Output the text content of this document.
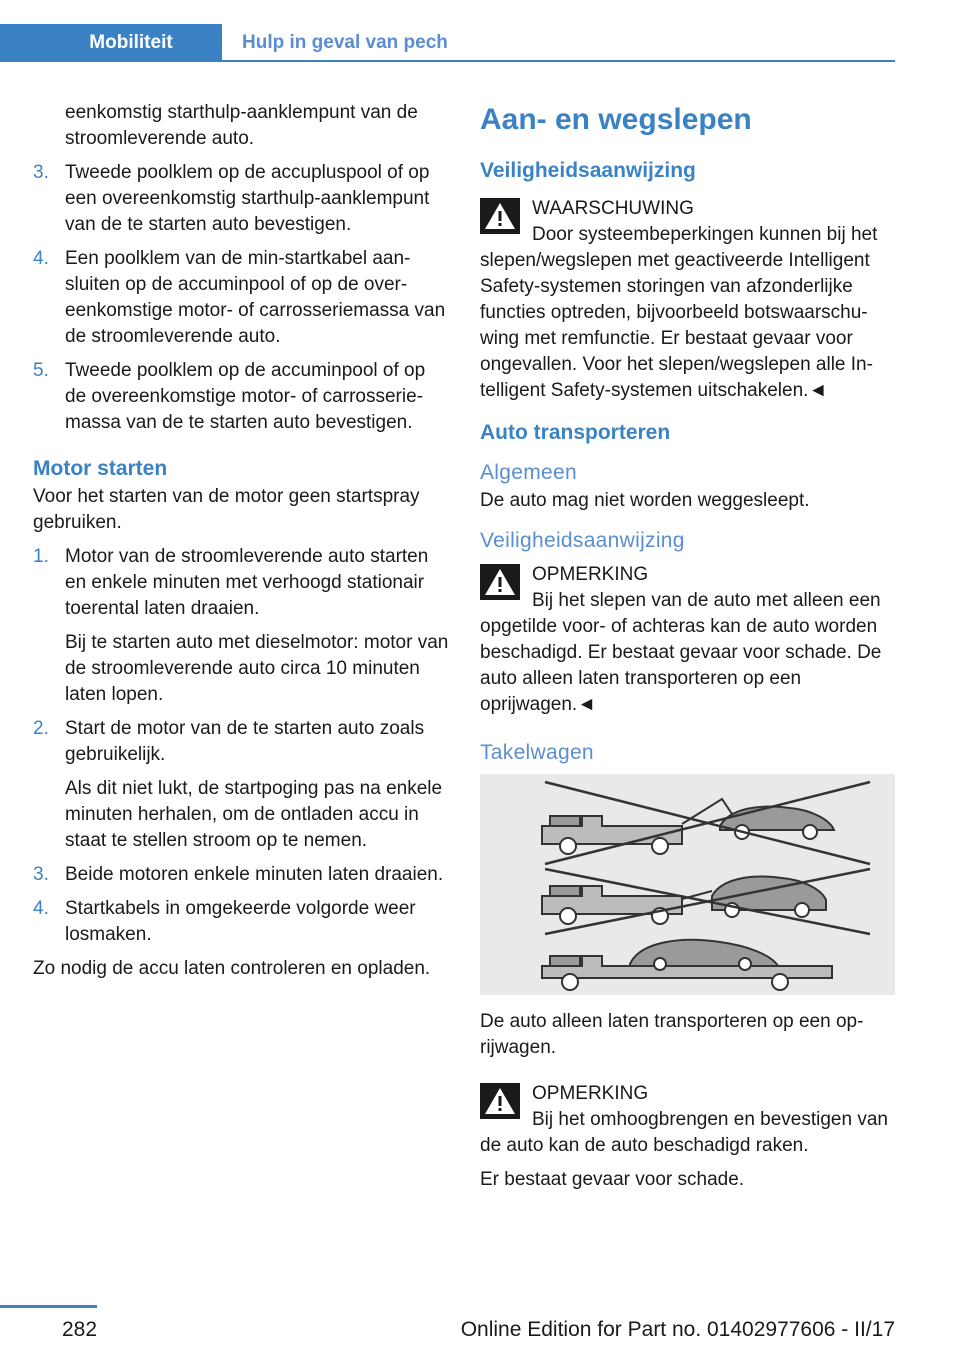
Mobiliteit	Hulp in geval van pech

eenkomstig starthulp-aanklempunt van de stroomleverende auto.

3. Tweede poolklem op de accupluspool of op een overeenkomstig starthulp-aanklempunt van de te starten auto bevestigen.

4. Een poolklem van de min-startkabel aansluiten op de accuminpool of op de overeenkomstige motor- of carrosseriemassa van de stroomleverende auto.

5. Tweede poolklem op de accuminpool of op de overeenkomstige motor- of carrosseriemassa van de te starten auto bevestigen.

Motor starten

Voor het starten van de motor geen startspray gebruiken.

1. Motor van de stroomleverende auto starten en enkele minuten met verhoogd stationair toerental laten draaien.

Bij te starten auto met dieselmotor: motor van de stroomleverende auto circa 10 minuten laten lopen.

2. Start de motor van de te starten auto zoals gebruikelijk.

Als dit niet lukt, de startpoging pas na enkele minuten herhalen, om de ontladen accu in staat te stellen stroom op te nemen.

3. Beide motoren enkele minuten laten draaien.

4. Startkabels in omgekeerde volgorde weer losmaken.

Zo nodig de accu laten controleren en opladen.

Aan- en wegslepen
Veiligheidsaanwijzing
WAARSCHUWING
Door systeembeperkingen kunnen bij het slepen/wegslepen met geactiveerde Intelligent Safety-systemen storingen van afzonderlijke functies optreden, bijvoorbeeld botswaarschuwing met remfunctie. Er bestaat gevaar voor ongevallen. Voor het slepen/wegslepen alle Intelligent Safety-systemen uitschakelen.◄
Auto transporteren
Algemeen

De auto mag niet worden weggesleept.

Veiligheidsaanwijzing
OPMERKING
Bij het slepen van de auto met alleen een opgetilde voor- of achteras kan de auto worden beschadigd. Er bestaat gevaar voor schade. De auto alleen laten transporteren op een oprijwagen.◄
Takelwagen

De auto alleen laten transporteren op een oprijwagen.

OPMERKING
Bij het omhoogbrengen en bevestigen van de auto kan de auto beschadigd raken.

Er bestaat gevaar voor schade.

282	Online Edition for Part no. 01402977606 - II/17
